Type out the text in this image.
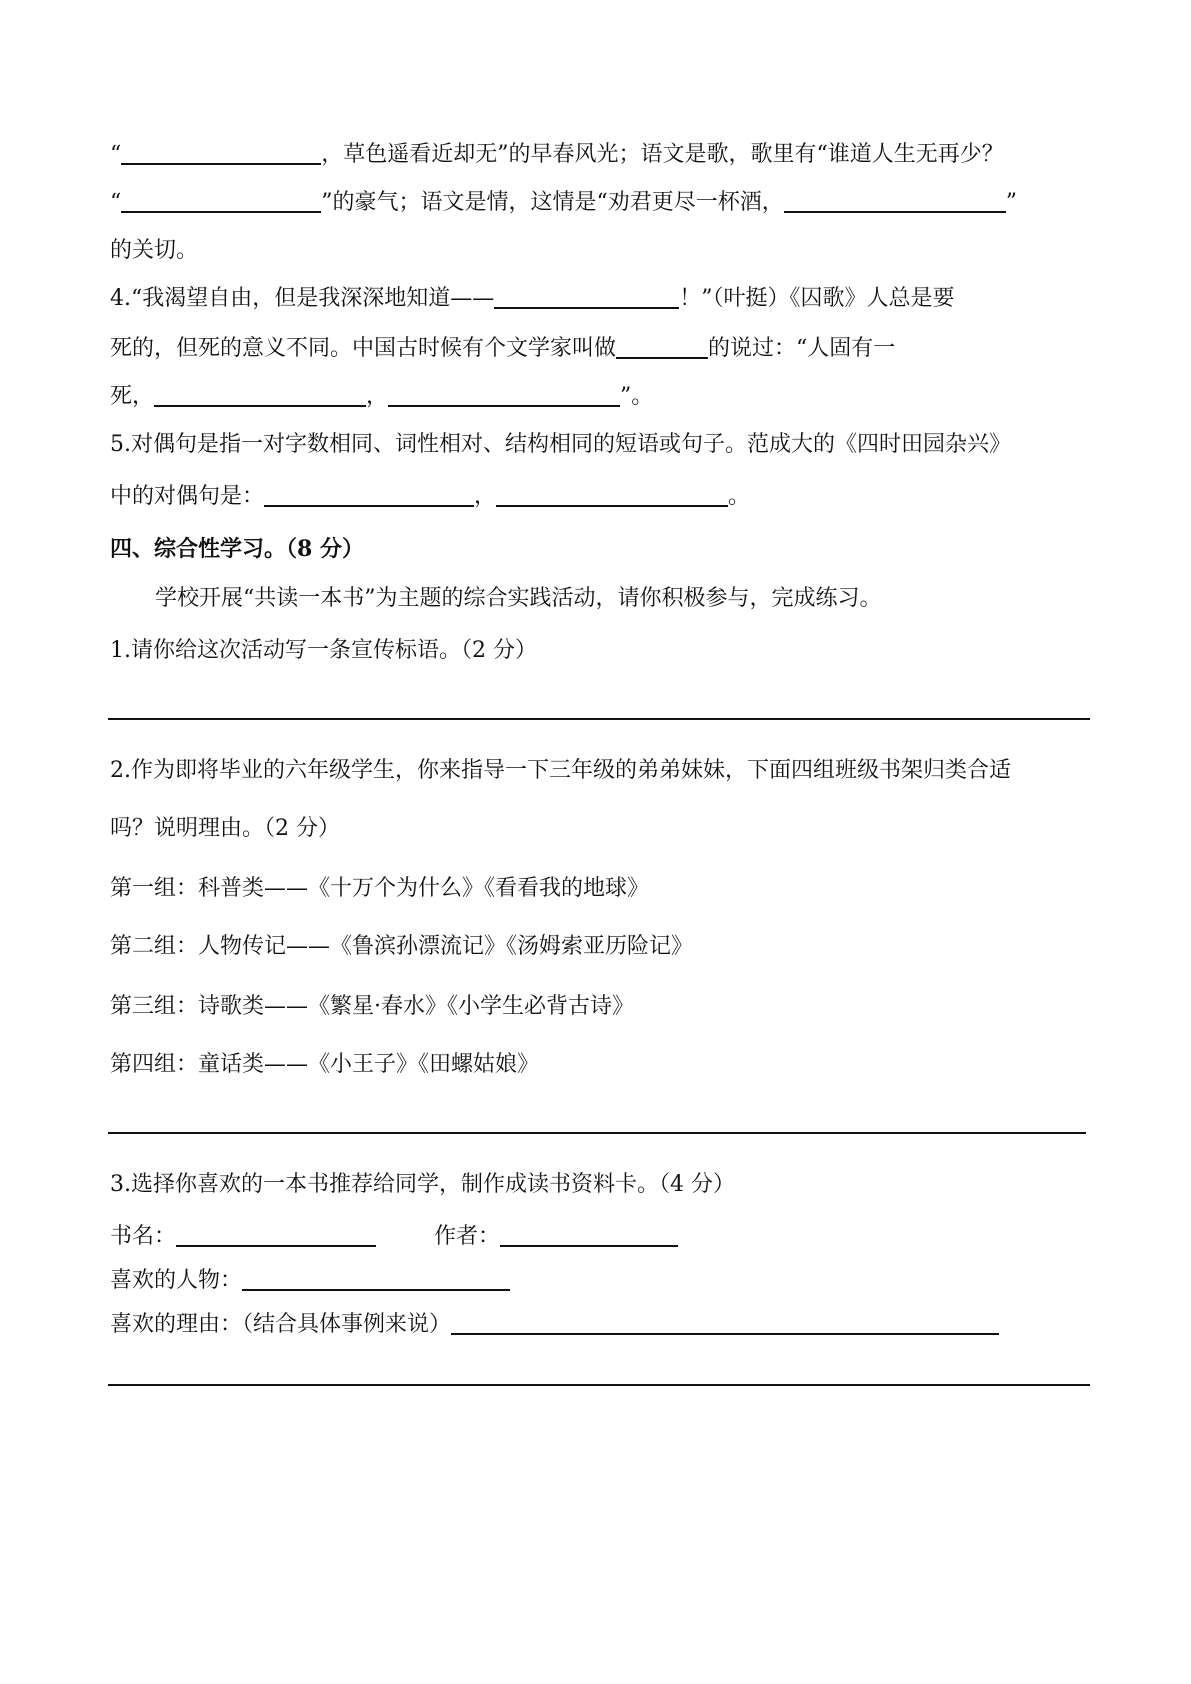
“	，草色遥看近却无”的早春风光；语文是歌，歌里有“谁道人生无再少？
“	”的豪气；语文是情，这情是“劝君更尽一杯酒，	”
的关切。
4.“我渴望自由，但是我深深地知道——	！”（叶挺）《囚歌》人总是要
死的，但死的意义不同。中国古时候有个文学家叫做	的说过：“人固有一
死，	，	”。
5.对偶句是指一对字数相同、词性相对、结构相同的短语或句子。范成大的《四时田园杂兴》
中的对偶句是：	，	。
四、综合性学习。（8 分）
学校开展“共读一本书”为主题的综合实践活动，请你积极参与，完成练习。
1.请你给这次活动写一条宣传标语。（2 分）
2.作为即将毕业的六年级学生，你来指导一下三年级的弟弟妹妹，下面四组班级书架归类合适
吗？说明理由。（2 分）
第一组：科普类——《十万个为什么》《看看我的地球》
第二组：人物传记——《鲁滨孙漂流记》《汤姆索亚历险记》
第三组：诗歌类——《繁星·春水》《小学生必背古诗》
第四组：童话类——《小王子》《田螺姑娘》
3.选择你喜欢的一本书推荐给同学，制作成读书资料卡。（4 分）
书名：	作者：
喜欢的人物：
喜欢的理由：（结合具体事例来说）
